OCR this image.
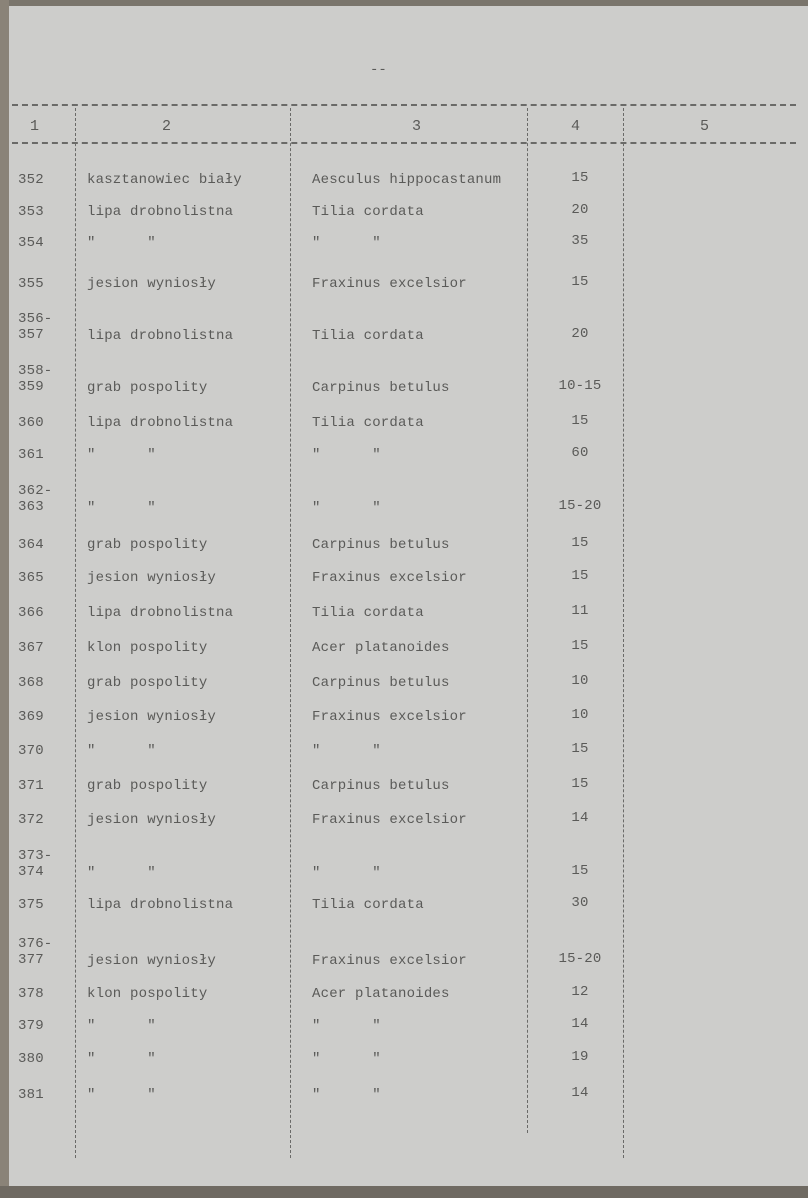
--
1	2	3	4	5
352	kasztanowiec biały	Aesculus hippocastanum	15
353	lipa drobnolistna	Tilia cordata	20
354	"      "	"      "	35
355	jesion wyniosły	Fraxinus excelsior	15
356-
357	lipa drobnolistna	Tilia cordata	20
358-
359	grab pospolity	Carpinus betulus	10-15
360	lipa drobnolistna	Tilia cordata	15
361	"      "	"      "	60
362-
363	"      "	"      "	15-20
364	grab pospolity	Carpinus betulus	15
365	jesion wyniosły	Fraxinus excelsior	15
366	lipa drobnolistna	Tilia cordata	11
367	klon pospolity	Acer platanoides	15
368	grab pospolity	Carpinus betulus	10
369	jesion wyniosły	Fraxinus excelsior	10
370	"      "	"      "	15
371	grab pospolity	Carpinus betulus	15
372	jesion wyniosły	Fraxinus excelsior	14
373-
374	"      "	"      "	15
375	lipa drobnolistna	Tilia cordata	30
376-
377	jesion wyniosły	Fraxinus excelsior	15-20
378	klon pospolity	Acer platanoides	12
379	"      "	"      "	14
380	"      "	"      "	19
381	"      "	"      "	14
